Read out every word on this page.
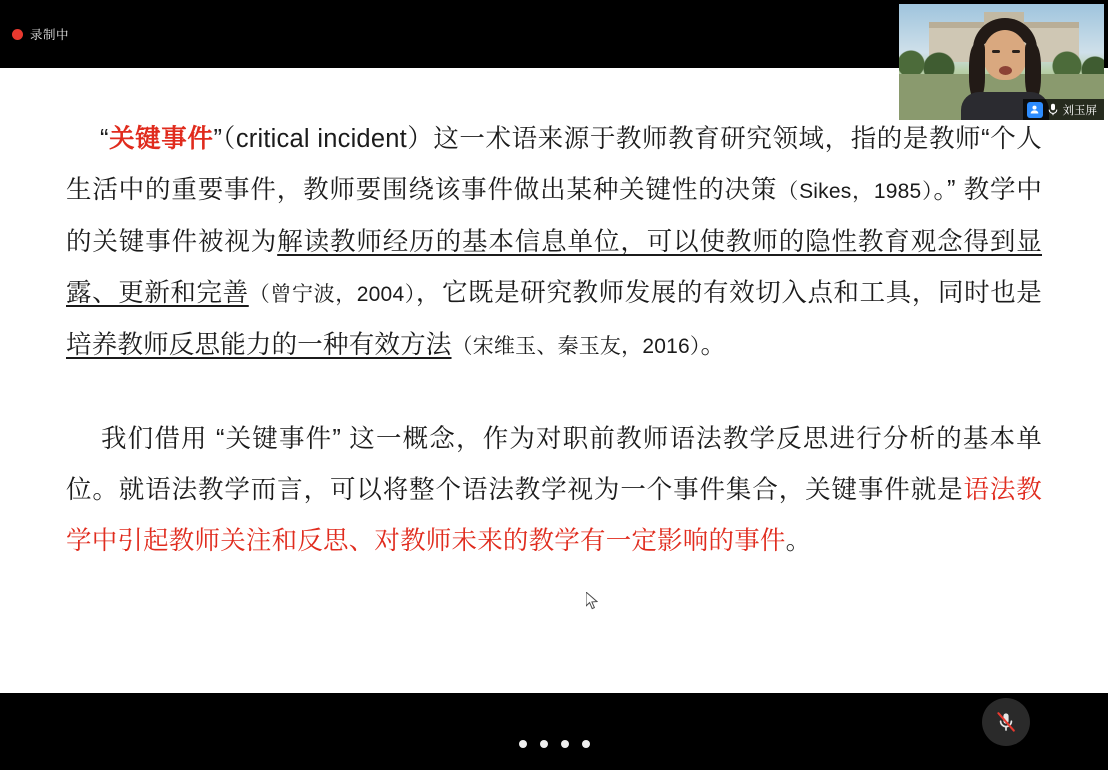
录制中
“关键事件”（critical incident）这一术语来源于教师教育研究领域，指的是教师“个人生活中的重要事件，教师要围绕该事件做出某种关键性的决策（Sikes，1985）。” 教学中的关键事件被视为解读教师经历的基本信息单位，可以使教师的隐性教育观念得到显露、更新和完善（曾宁波，2004），它既是研究教师发展的有效切入点和工具，同时也是培养教师反思能力的一种有效方法（宋维玉、秦玉友，2016）。
我们借用 “关键事件” 这一概念，作为对职前教师语法教学反思进行分析的基本单位。就语法教学而言，可以将整个语法教学视为一个事件集合，关键事件就是语法教学中引起教师关注和反思、对教师未来的教学有一定影响的事件。
刘玉屏
